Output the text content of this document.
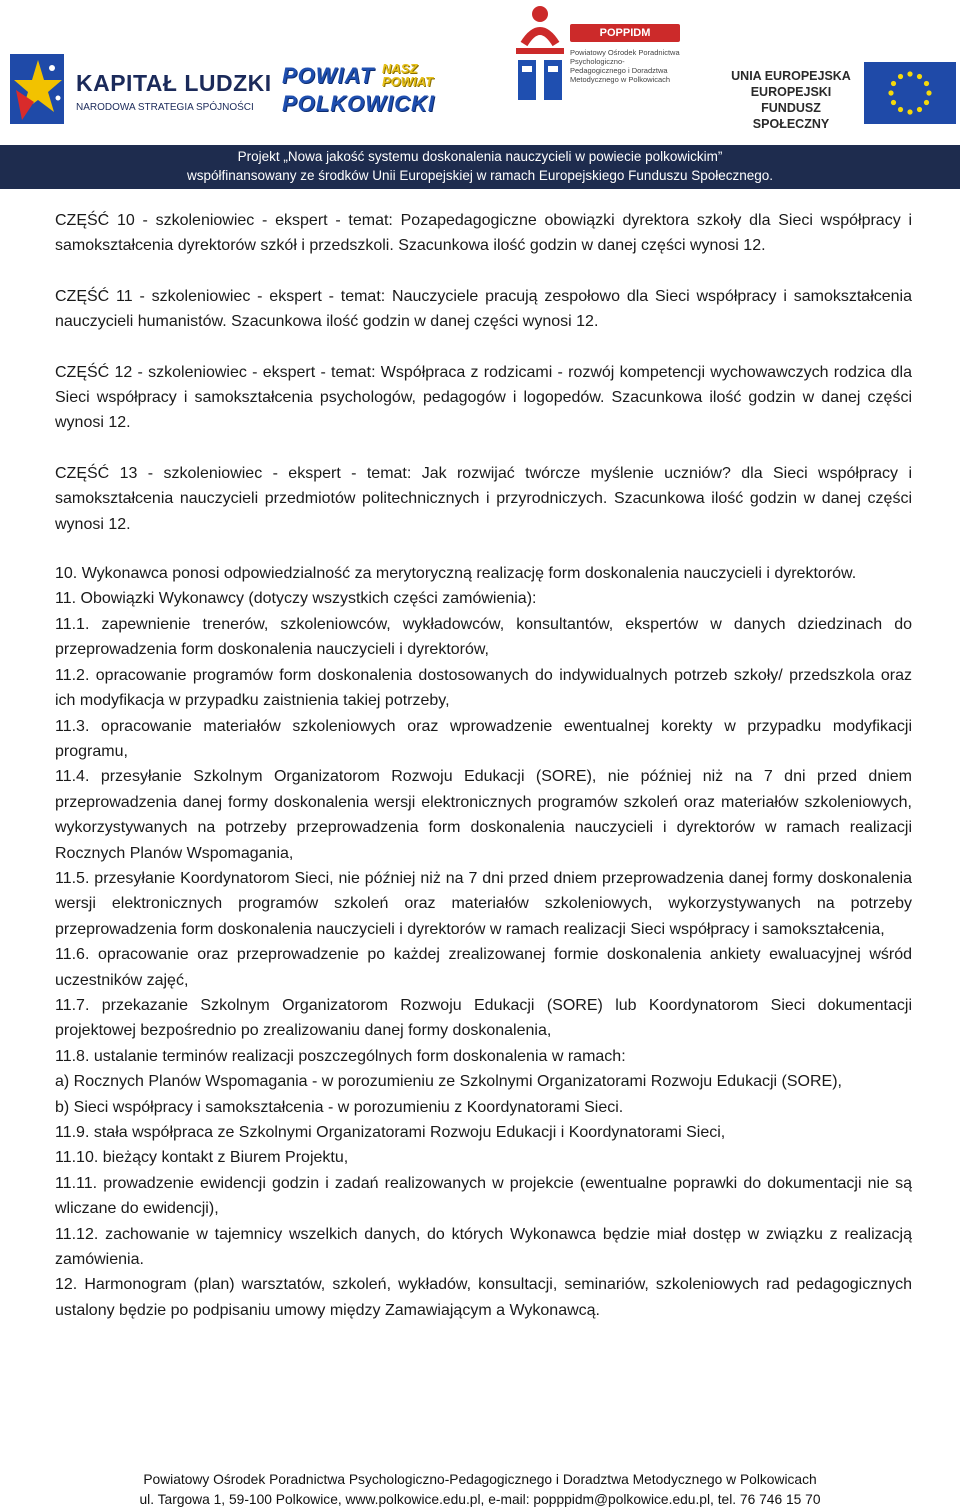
KAPITAŁ LUDZKI
NARODOWA STRATEGIA SPÓJNOŚCI
POWIAT
POLKOWICKI
NASZ
POWIAT
POPPIDM
Powiatowy Ośrodek Poradnictwa Psychologiczno-Pedagogicznego i Doradztwa Metodycznego w Polkowicach	UNIA EUROPEJSKA
EUROPEJSKI
FUNDUSZ SPOŁECZNY
Projekt „Nowa jakość systemu doskonalenia nauczycieli w powiecie polkowickim”
współfinansowany ze środków Unii Europejskiej w ramach Europejskiego Funduszu Społecznego.

CZĘŚĆ 10 - szkoleniowiec - ekspert - temat: Pozapedagogiczne obowiązki dyrektora szkoły dla Sieci współpracy i samokształcenia dyrektorów szkół i przedszkoli. Szacunkowa ilość godzin w danej części wynosi 12.

CZĘŚĆ 11 - szkoleniowiec - ekspert - temat: Nauczyciele pracują zespołowo dla Sieci współpracy i samokształcenia nauczycieli humanistów. Szacunkowa ilość godzin w danej części wynosi 12.

CZĘŚĆ 12 - szkoleniowiec - ekspert - temat: Współpraca z rodzicami - rozwój kompetencji wychowawczych rodzica dla Sieci współpracy i samokształcenia psychologów, pedagogów i logopedów. Szacunkowa ilość godzin w danej części wynosi 12.

CZĘŚĆ 13 - szkoleniowiec - ekspert - temat: Jak rozwijać twórcze myślenie uczniów? dla Sieci współpracy i samokształcenia nauczycieli przedmiotów politechnicznych i przyrodniczych. Szacunkowa ilość godzin w danej części wynosi 12.

10. Wykonawca ponosi odpowiedzialność za merytoryczną realizację form doskonalenia nauczycieli i dyrektorów.

11. Obowiązki Wykonawcy (dotyczy wszystkich części zamówienia):

11.1. zapewnienie trenerów, szkoleniowców, wykładowców, konsultantów, ekspertów w danych dziedzinach do przeprowadzenia form doskonalenia nauczycieli i dyrektorów,

11.2. opracowanie programów form doskonalenia dostosowanych do indywidualnych potrzeb szkoły/ przedszkola oraz ich modyfikacja w przypadku zaistnienia takiej potrzeby,

11.3. opracowanie materiałów szkoleniowych oraz wprowadzenie ewentualnej korekty w przypadku modyfikacji programu,

11.4. przesyłanie Szkolnym Organizatorom Rozwoju Edukacji (SORE), nie później niż na 7 dni przed dniem przeprowadzenia danej formy doskonalenia wersji elektronicznych programów szkoleń oraz materiałów szkoleniowych, wykorzystywanych na potrzeby przeprowadzenia form doskonalenia nauczycieli i dyrektorów w ramach realizacji Rocznych Planów Wspomagania,

11.5. przesyłanie Koordynatorom Sieci, nie później niż na 7 dni przed dniem przeprowadzenia danej formy doskonalenia wersji elektronicznych programów szkoleń oraz materiałów szkoleniowych, wykorzystywanych na potrzeby przeprowadzenia form doskonalenia nauczycieli i dyrektorów w ramach realizacji Sieci współpracy i samokształcenia,

11.6. opracowanie oraz przeprowadzenie po każdej zrealizowanej formie doskonalenia ankiety ewaluacyjnej wśród uczestników zajęć,

11.7. przekazanie Szkolnym Organizatorom Rozwoju Edukacji (SORE) lub Koordynatorom Sieci dokumentacji projektowej bezpośrednio po zrealizowaniu danej formy doskonalenia,

11.8. ustalanie terminów realizacji poszczególnych form doskonalenia w ramach:

a) Rocznych Planów Wspomagania - w porozumieniu ze Szkolnymi Organizatorami Rozwoju Edukacji (SORE),

b) Sieci współpracy i samokształcenia - w porozumieniu z Koordynatorami Sieci.

11.9. stała współpraca ze Szkolnymi Organizatorami Rozwoju Edukacji i Koordynatorami Sieci,

11.10. bieżący kontakt z Biurem Projektu,

11.11. prowadzenie ewidencji godzin i zadań realizowanych w projekcie (ewentualne poprawki do dokumentacji nie są wliczane do ewidencji),

11.12. zachowanie w tajemnicy wszelkich danych, do których Wykonawca będzie miał dostęp w związku z realizacją zamówienia.

12. Harmonogram (plan) warsztatów, szkoleń, wykładów, konsultacji, seminariów, szkoleniowych rad pedagogicznych ustalony będzie po podpisaniu umowy między Zamawiającym a Wykonawcą.

Powiatowy Ośrodek Poradnictwa Psychologiczno-Pedagogicznego i Doradztwa Metodycznego w Polkowicach
ul. Targowa 1, 59-100 Polkowice, www.polkowice.edu.pl, e-mail: popppidm@polkowice.edu.pl, tel. 76 746 15 70
